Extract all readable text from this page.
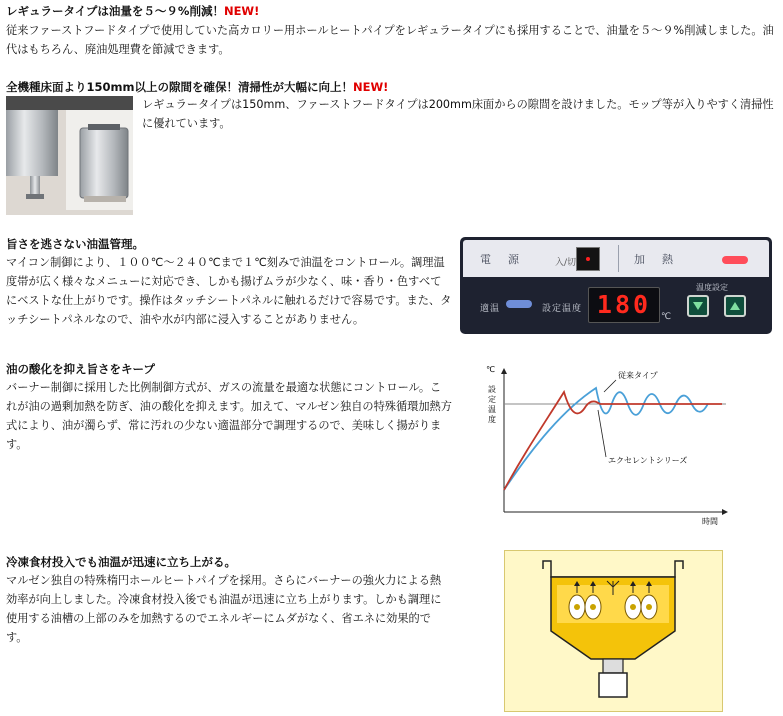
レギュラータイプは油量を５～９%削減！NEW!
従来ファーストフードタイプで使用していた高カロリー用ホールヒートパイプをレギュラータイプにも採用することで、油量を５～９%削減しました。油代はもちろん、廃油処理費を節減できます。
全機種床面より150mm以上の隙間を確保！清掃性が大幅に向上！NEW!
レギュラータイプは150mm、ファーストフードタイプは200mm床面からの隙間を設けました。モップ等が入りやすく清掃性に優れています。
旨さを逃さない油温管理。
マイコン制御により、１００℃～２４０℃まで１℃刻みで油温をコントロール。調理温度帯が広く様々なメニューに対応でき、しかも揚げムラが少なく、味・香り・色すべてにベストな仕上がりです。操作はタッチシートパネルに触れるだけで容易です。また、タッチシートパネルなので、油や水が内部に浸入することがありません。
電　源	入/切	加　熱
適温	設定温度 180	℃
温度設定
油の酸化を抑え旨さをキープ
バーナー制御に採用した比例制御方式が、ガスの流量を最適な状態にコントロール。これが油の過剰加熱を防ぎ、油の酸化を抑えます。加えて、マルゼン独自の特殊循環加熱方式により、油が濁らず、常に汚れの少ない適温部分で調理するので、美味しく揚がります。
℃
設定温度
時間
従来タイプ
エクセレントシリーズ
冷凍食材投入でも油温が迅速に立ち上がる。
マルゼン独自の特殊楕円ホールヒートパイプを採用。さらにバーナーの強火力による熱効率が向上しました。冷凍食材投入後でも油温が迅速に立ち上がります。しかも調理に使用する油槽の上部のみを加熱するのでエネルギーにムダがなく、省エネに効果的です。
